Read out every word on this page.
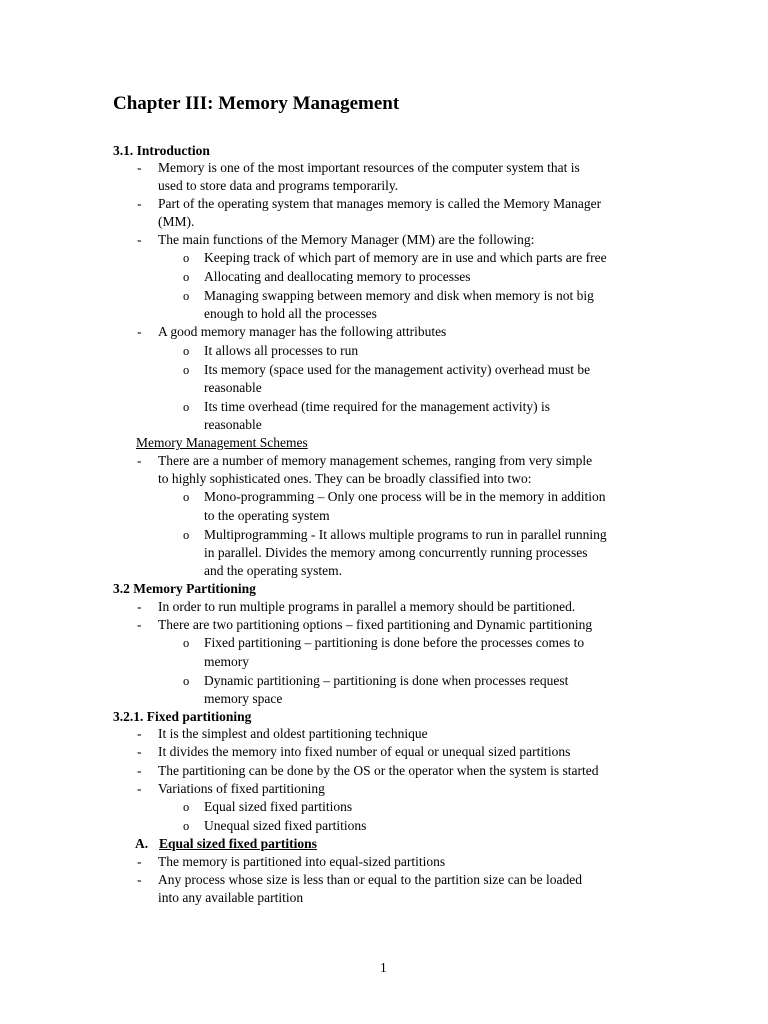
Chapter III: Memory Management
3.1. Introduction
- Memory is one of the most important resources of the computer system that is
used to store data and programs temporarily.
- Part of the operating system that manages memory is called the Memory Manager
(MM).
- The main functions of the Memory Manager (MM) are the following:
o Keeping track of which part of memory are in use and which parts are free
o Allocating and deallocating memory to processes
o Managing swapping between memory and disk when memory is not big
enough to hold all the processes
- A good memory manager has the following attributes
o It allows all processes to run
o Its memory (space used for the management activity) overhead must be
reasonable
o Its time overhead (time required for the management activity) is
reasonable
Memory Management Schemes
- There are a number of memory management schemes, ranging from very simple
to highly sophisticated ones. They can be broadly classified into two:
o Mono-programming – Only one process will be in the memory in addition
to the operating system
o Multiprogramming - It allows multiple programs to run in parallel running
in parallel. Divides the memory among concurrently running processes
and the operating system.
3.2 Memory Partitioning
- In order to run multiple programs in parallel a memory should be partitioned.
- There are two partitioning options – fixed partitioning and Dynamic partitioning
o Fixed partitioning – partitioning is done before the processes comes to
memory
o Dynamic partitioning – partitioning is done when processes request
memory space
3.2.1. Fixed partitioning
- It is the simplest and oldest partitioning technique
- It divides the memory into fixed number of equal or unequal sized partitions
- The partitioning can be done by the OS or the operator when the system is started
- Variations of fixed partitioning
o Equal sized fixed partitions
o Unequal sized fixed partitions
A. Equal sized fixed partitions
- The memory is partitioned into equal-sized partitions
- Any process whose size is less than or equal to the partition size can be loaded
into any available partition
1
